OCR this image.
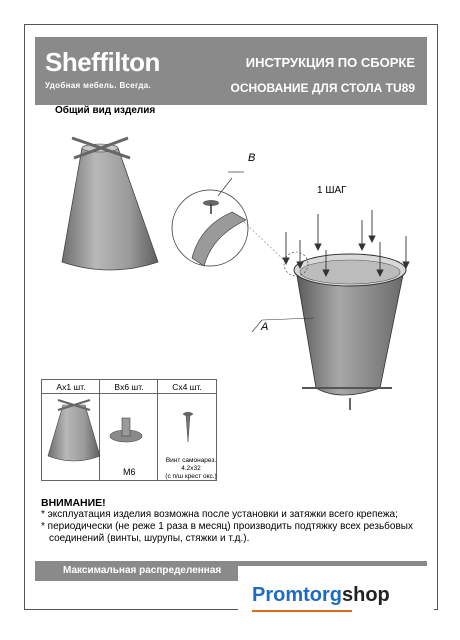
Sheffilton
Удобная мебель. Всегда.
ИНСТРУКЦИЯ ПО СБОРКЕ
ОСНОВАНИЕ ДЛЯ СТОЛА TU89
Общий вид изделия
B
1 ШАГ
A
Ax1 шт.	Bx6 шт.	Cx4 шт.
M6
Винт самонарез.
4.2x32
(с п/ш крест окс.)
ВНИМАНИЕ!
* эксплуатация изделия возможна после установки и затяжки всего крепежа;
* периодически (не реже 1 раза в месяц) производить подтяжку всех резьбовых
соединений (винты, шурупы, стяжки и т.д.).
Максимальная распределенная
Promtorgshop
